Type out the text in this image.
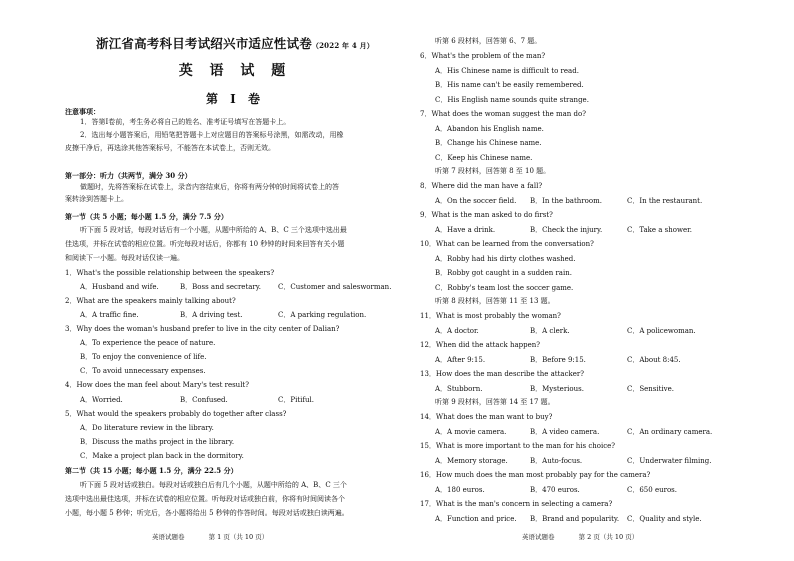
浙江省高考科目考试绍兴市适应性试卷（2022 年 4 月）
英 语 试 题
第 Ⅰ 卷
注意事项：
1．答第Ⅰ卷前，考生务必将自己的姓名、准考证号填写在答题卡上。
2．选出每小题答案后，用铅笔把答题卡上对应题目的答案标号涂黑，如需改动，用橡
皮擦干净后，再选涂其他答案标号，不能答在本试卷上，否则无效。
第一部分：听力（共两节，满分 30 分）
做题时，先将答案标在试卷上，录音内容结束后，你将有两分钟的时间将试卷上的答
案转涂到答题卡上。
第一节（共 5 小题；每小题 1.5 分，满分 7.5 分）
听下面 5 段对话，每段对话后有一个小题，从题中所给的 A、B、C 三个选项中选出最
佳选项，并标在试卷的相应位置。听完每段对话后，你都有 10 秒钟的时间来回答有关小题
和阅读下一小题。每段对话仅读一遍。
1．What's the possible relationship between the speakers?
A．Husband and wife.	B．Boss and secretary. C．Customer and salesworman.
2．What are the speakers mainly talking about?
A．A traffic fine.	B．A driving test.	C．A parking regulation.
3．Why does the woman's husband prefer to live in the city center of Dalian?
A．To experience the peace of nature.
B．To enjoy the convenience of life.
C．To avoid unnecessary expenses.
4．How does the man feel about Mary's test result?
A．Worried.	B．Confused.	C．Pitiful.
5．What would the speakers probably do together after class?
A．Do literature review in the library.
B．Discuss the maths project in the library.
C．Make a project plan back in the dormitory.
第二节（共 15 小题；每小题 1.5 分，满分 22.5 分）
听下面 5 段对话或独白。每段对话或独白后有几个小题，从题中所给的 A、B、C 三个
选项中选出最佳选项，并标在试卷的相应位置。听每段对话或独白前，你将有时间阅读各个
小题，每小题 5 秒钟；听完后，各小题将给出 5 秒钟的作答时间。每段对话或独白读两遍。
英语试题卷	第 1 页（共 10 页）
听第 6 段材料，回答第 6、7 题。
6．What's the problem of the man?
A．His Chinese name is difficult to read.
B．His name can't be easily remembered.
C．His English name sounds quite strange.
7．What does the woman suggest the man do?
A．Abandon his English name.
B．Change his Chinese name.
C．Keep his Chinese name.
听第 7 段材料，回答第 8 至 10 题。
8．Where did the man have a fall?
A．On the soccer field. B．In the bathroom.	C．In the restaurant.
9．What is the man asked to do first?
A．Have a drink.	B．Check the injury.	C．Take a shower.
10．What can be learned from the conversation?
A．Robby had his dirty clothes washed.
B．Robby got caught in a sudden rain.
C．Robby's team lost the soccer game.
听第 8 段材料，回答第 11 至 13 题。
11．What is most probably the woman?
A．A doctor.	B．A clerk.	C．A policewoman.
12．When did the attack happen?
A．After 9:15.	B．Before 9:15.	C．About 8:45.
13．How does the man describe the attacker?
A．Stubborn.	B．Mysterious.	C．Sensitive.
听第 9 段材料，回答第 14 至 17 题。
14．What does the man want to buy?
A．A movie camera.	B．A video camera.	C．An ordinary camera.
15．What is more important to the man for his choice?
A．Memory storage.	B．Auto-focus.	C．Underwater filming.
16．How much does the man most probably pay for the camera?
A．180 euros.	B．470 euros.	C．650 euros.
17．What is the man's concern in selecting a camera?
A．Function and price. B．Brand and popularity. C．Quality and style.
英语试题卷	第 2 页（共 10 页）
